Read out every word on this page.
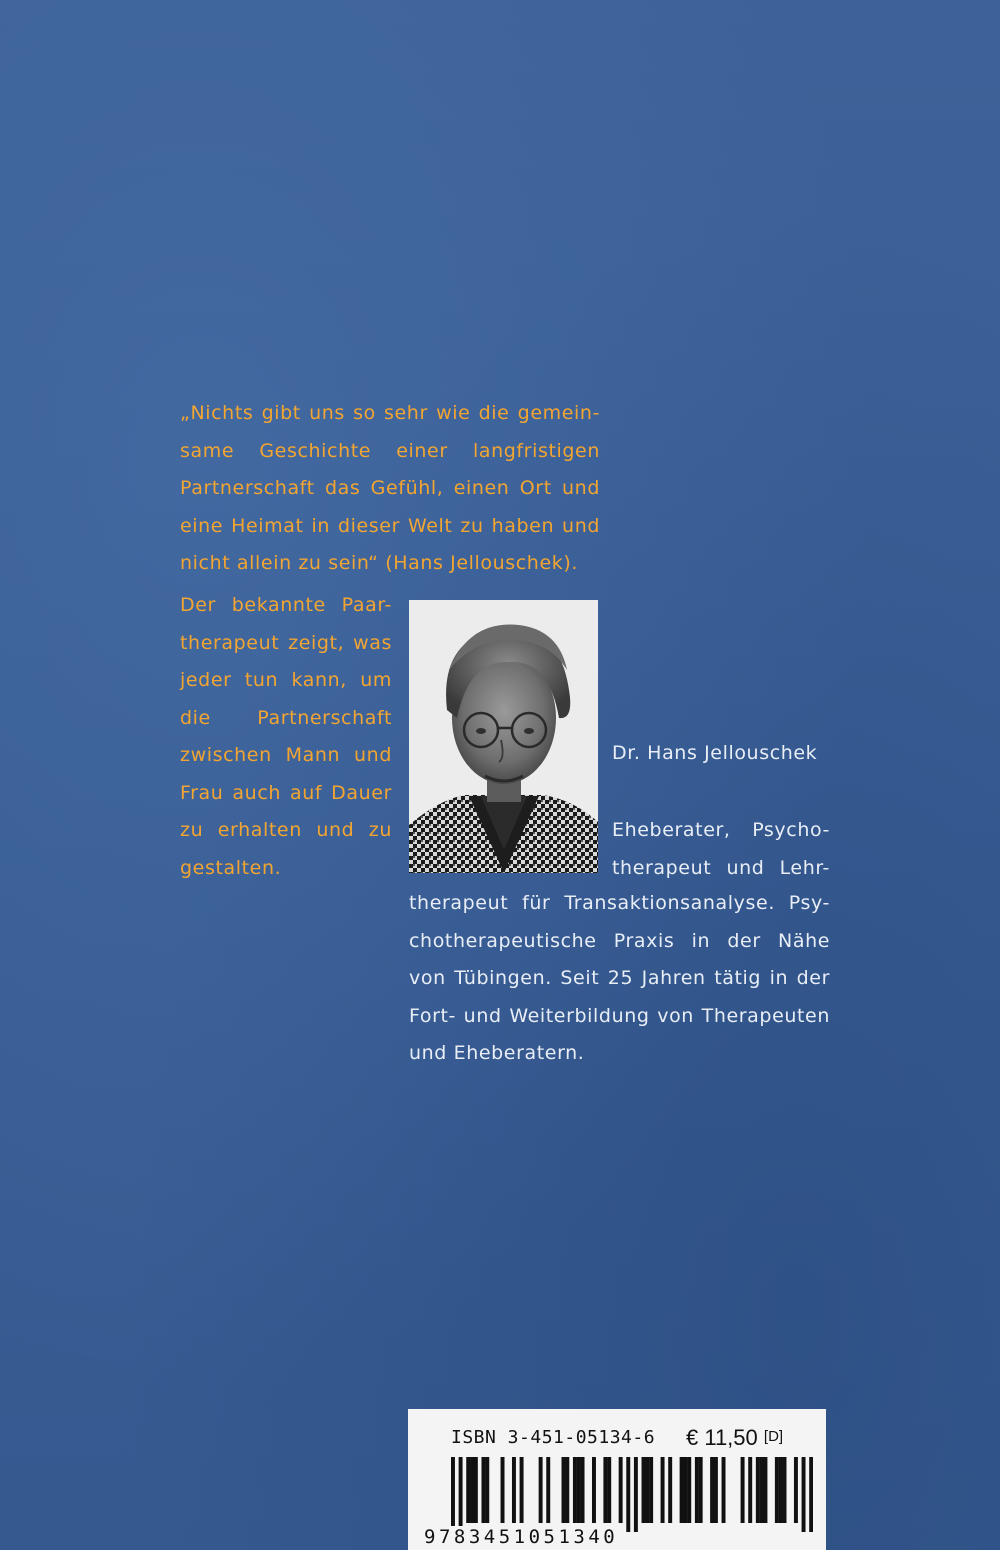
„Nichts gibt uns so sehr wie die gemein-
same Geschichte einer langfristigen
Partnerschaft das Gefühl, einen Ort und
eine Heimat in dieser Welt zu haben und
nicht allein zu sein“ (Hans Jellouschek).
Der bekannte Paar-
therapeut zeigt, was
jeder tun kann, um
die Partnerschaft
zwischen Mann und
Frau auch auf Dauer
zu erhalten und zu
gestalten.
Dr. Hans Jellouschek
Eheberater, Psycho-
therapeut und Lehr-
therapeut für Transaktionsanalyse. Psy-
chotherapeutische Praxis in der Nähe
von Tübingen. Seit 25 Jahren tätig in der
Fort- und Weiterbildung von Therapeuten
und Eheberatern.
ISBN 3-451-05134-6 € 11,50 [D]
9783451051340
